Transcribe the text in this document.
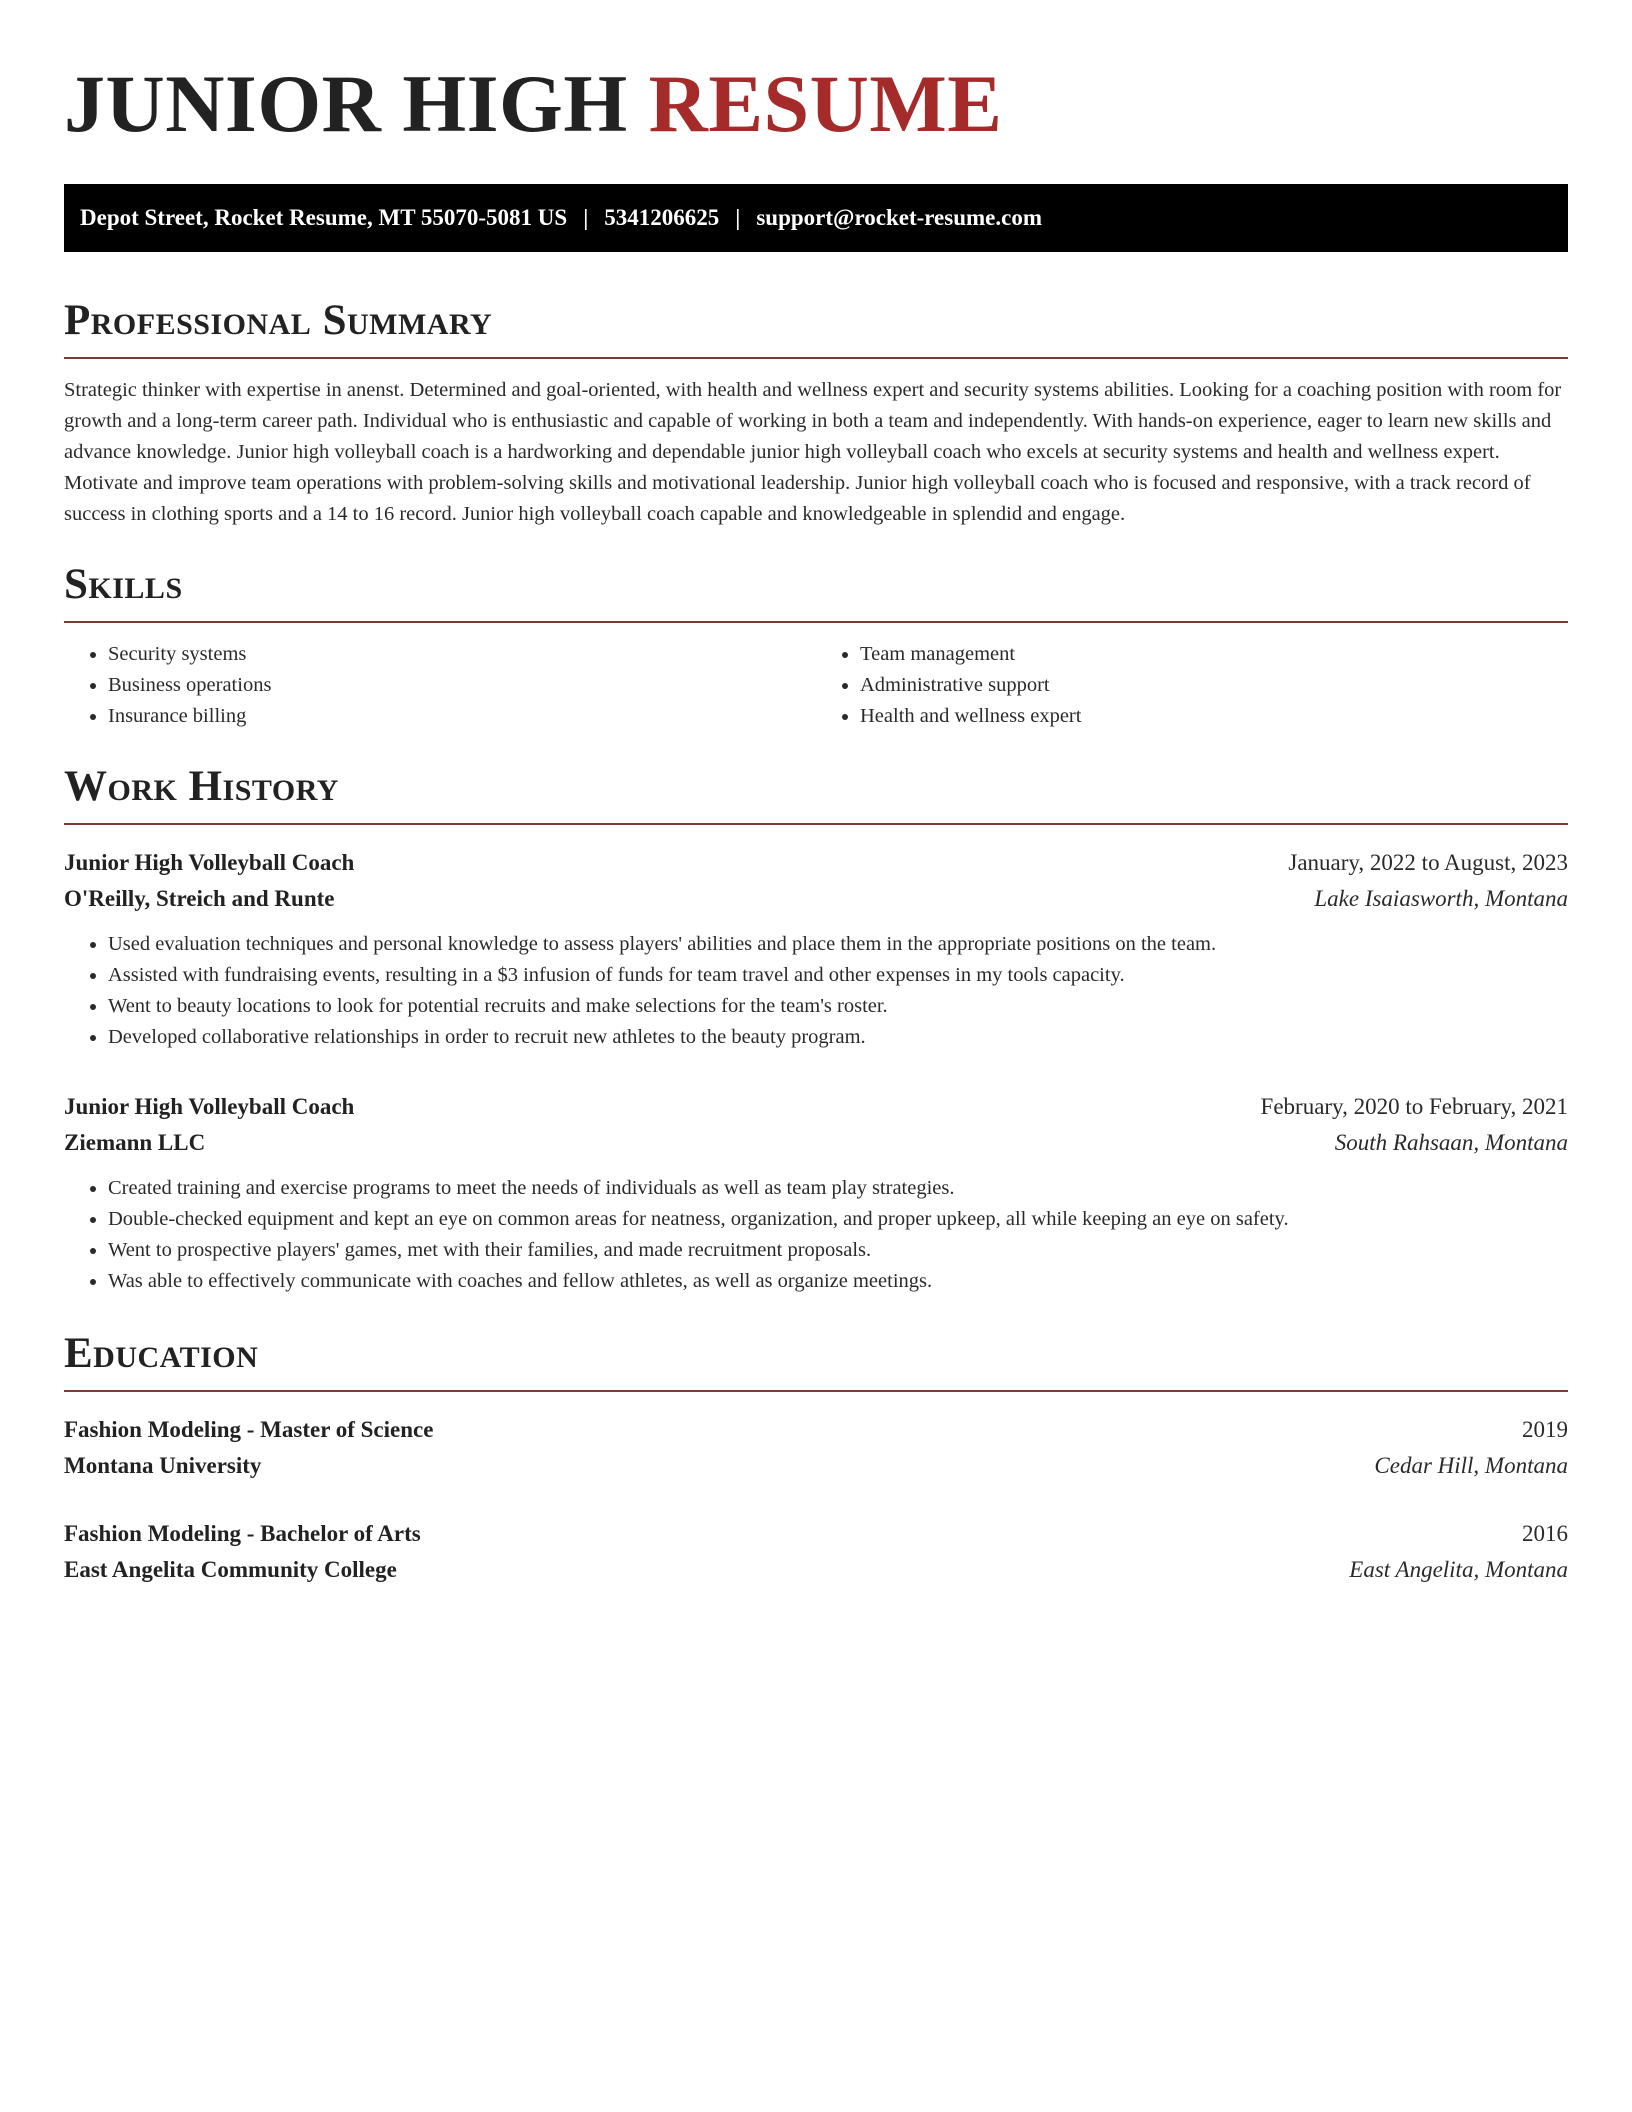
JUNIOR HIGH RESUME
Depot Street, Rocket Resume, MT 55070-5081 US | 5341206625 | support@rocket-resume.com
Professional Summary

Strategic thinker with expertise in anenst. Determined and goal-oriented, with health and wellness expert and security systems abilities. Looking for a coaching position with room for growth and a long-term career path. Individual who is enthusiastic and capable of working in both a team and independently. With hands-on experience, eager to learn new skills and advance knowledge. Junior high volleyball coach is a hardworking and dependable junior high volleyball coach who excels at security systems and health and wellness expert. Motivate and improve team operations with problem-solving skills and motivational leadership. Junior high volleyball coach who is focused and responsive, with a track record of success in clothing sports and a 14 to 16 record. Junior high volleyball coach capable and knowledgeable in splendid and engage.

Skills
• Security systems
• Business operations
• Insurance billing
• Team management
• Administrative support
• Health and wellness expert
Work History
Junior High Volleyball Coach	January, 2022 to August, 2023
O'Reilly, Streich and Runte	Lake Isaiasworth, Montana
• Used evaluation techniques and personal knowledge to assess players' abilities and place them in the appropriate positions on the team.
• Assisted with fundraising events, resulting in a $3 infusion of funds for team travel and other expenses in my tools capacity.
• Went to beauty locations to look for potential recruits and make selections for the team's roster.
• Developed collaborative relationships in order to recruit new athletes to the beauty program.
Junior High Volleyball Coach	February, 2020 to February, 2021
Ziemann LLC	South Rahsaan, Montana
• Created training and exercise programs to meet the needs of individuals as well as team play strategies.
• Double-checked equipment and kept an eye on common areas for neatness, organization, and proper upkeep, all while keeping an eye on safety.
• Went to prospective players' games, met with their families, and made recruitment proposals.
• Was able to effectively communicate with coaches and fellow athletes, as well as organize meetings.
Education
Fashion Modeling - Master of Science	2019
Montana University	Cedar Hill, Montana
Fashion Modeling - Bachelor of Arts	2016
East Angelita Community College	East Angelita, Montana
